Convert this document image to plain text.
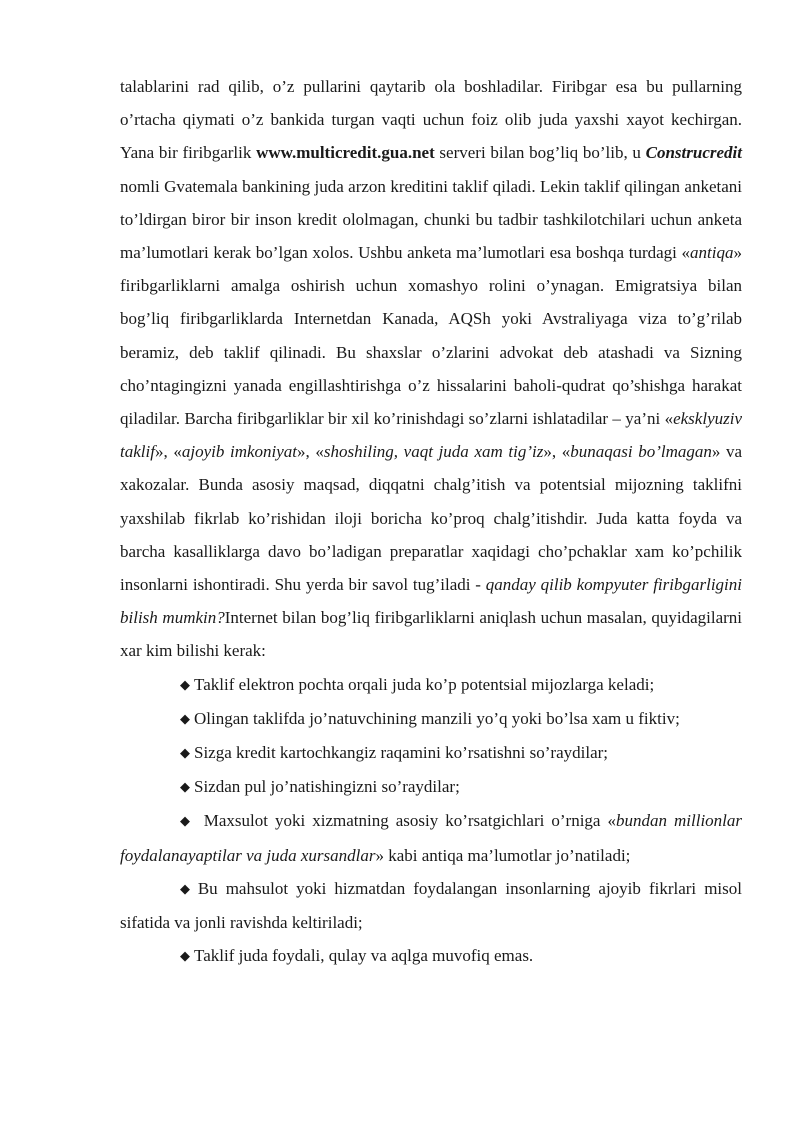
talablarini rad qilib, o’z pullarini qaytarib ola boshladilar. Firibgar esa bu pullarning o’rtacha qiymati o’z bankida turgan vaqti uchun foiz olib juda yaxshi xayot kechirgan. Yana bir firibgarlik www.multicredit.gua.net serveri bilan bog’liq bo’lib, u Construcredit nomli Gvatemala bankining juda arzon kreditini taklif qiladi. Lekin taklif qilingan anketani to’ldirgan biror bir inson kredit ololmagan, chunki bu tadbir tashkilotchilari uchun anketa ma’lumotlari kerak bo’lgan xolos. Ushbu anketa ma’lumotlari esa boshqa turdagi «antiqa» firibgarliklarni amalga oshirish uchun xomashyo rolini o’ynagan. Emigratsiya bilan bog’liq firibgarliklarda Internetdan Kanada, AQSh yoki Avstraliyaga viza to’g’rilab beramiz, deb taklif qilinadi. Bu shaxslar o’zlarini advokat deb atashadi va Sizning cho’ntagingizni yanada engillashtirishga o’z hissalarini baholi-qudrat qo’shishga harakat qiladilar. Barcha firibgarliklar bir xil ko’rinishdagi so’zlarni ishlatadilar – ya’ni «eksklyuziv taklif», «ajoyib imkoniyat», «shoshiling, vaqt juda xam tig’iz», «bunaqasi bo’lmagan» va xakozalar. Bunda asosiy maqsad, diqqatni chalg’itish va potentsial mijozning taklifni yaxshilab fikrlab ko’rishidan iloji boricha ko’proq chalg’itishdir. Juda katta foyda va barcha kasalliklarga davo bo’ladigan preparatlar xaqidagi cho’pchaklar xam ko’pchilik insonlarni ishontiradi. Shu yerda bir savol tug’iladi - qanday qilib kompyuter firibgarligini bilish mumkin?Internet bilan bog’liq firibgarliklarni aniqlash uchun masalan, quyidagilarni xar kim bilishi kerak:

◆ Taklif elektron pochta orqali juda ko’p potentsial mijozlarga keladi;

◆ Olingan taklifda jo’natuvchining manzili yo’q yoki bo’lsa xam u fiktiv;

◆ Sizga kredit kartochkangiz raqamini ko’rsatishni so’raydilar;

◆ Sizdan pul jo’natishingizni so’raydilar;

◆ Maxsulot yoki xizmatning asosiy ko’rsatgichlari o’rniga «bundan millionlar foydalanayaptilar va juda xursandlar» kabi antiqa ma’lumotlar jo’natiladi;

◆ Bu mahsulot yoki hizmatdan foydalangan insonlarning ajoyib fikrlari misol sifatida va jonli ravishda keltiriladi;

◆ Taklif juda foydali, qulay va aqlga muvofiq emas.
